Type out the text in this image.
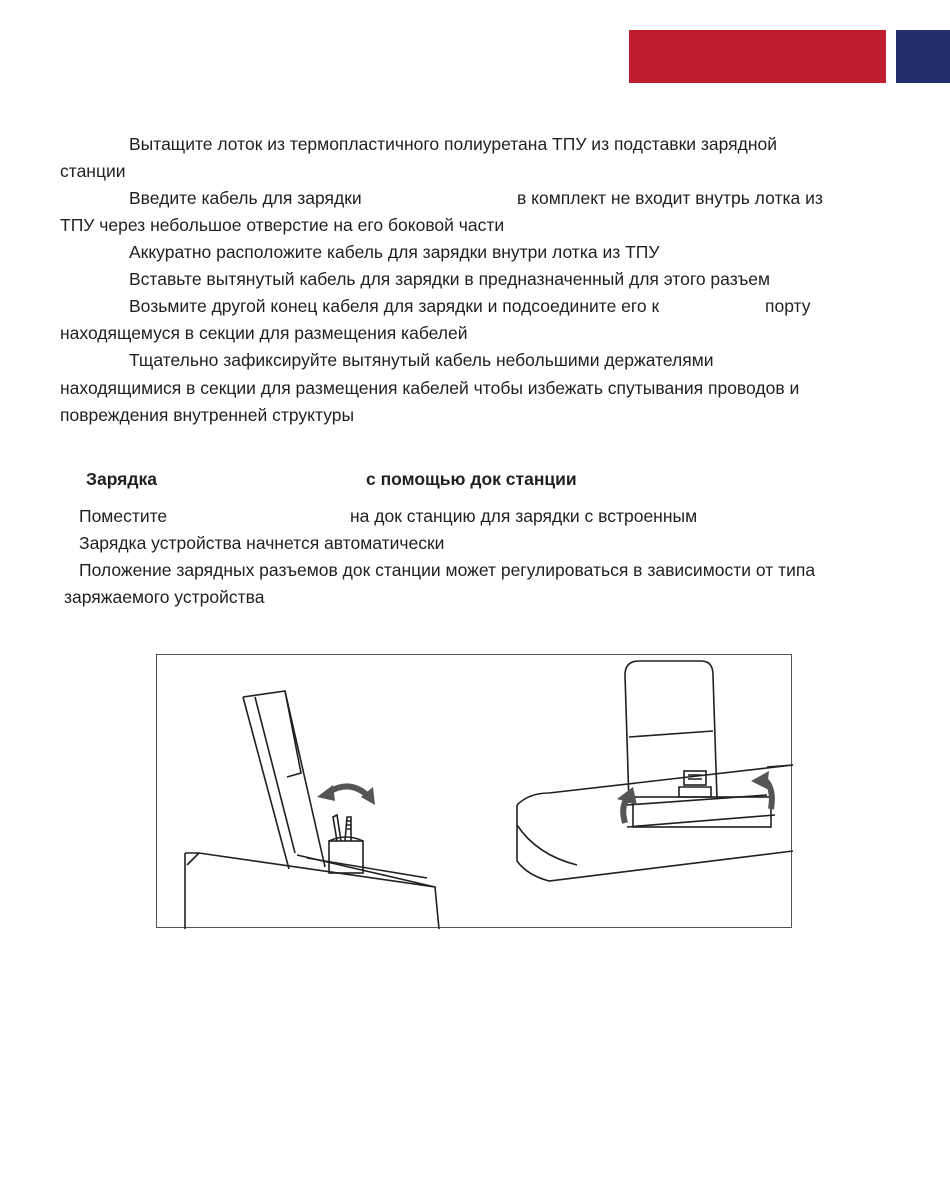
Вытащите лоток из термопластичного полиуретана ТПУ из подставки зарядной
станции
Введите кабель для зарядки	в комплект не входит внутрь лотка из
ТПУ через небольшое отверстие на его боковой части
Аккуратно расположите кабель для зарядки внутри лотка из ТПУ
Вставьте вытянутый кабель для зарядки в предназначенный для этого разъем
Возьмите другой конец кабеля для зарядки и подсоедините его к	порту
находящемуся в секции для размещения кабелей
Тщательно зафиксируйте вытянутый кабель небольшими держателями
находящимися в секции для размещения кабелей чтобы избежать спутывания проводов и
повреждения внутренней структуры
Зарядка	с помощью док станции
Поместите	на док станцию для зарядки с встроенным
Зарядка устройства начнется автоматически
Положение зарядных разъемов док станции может регулироваться в зависимости от типа
заряжаемого устройства
